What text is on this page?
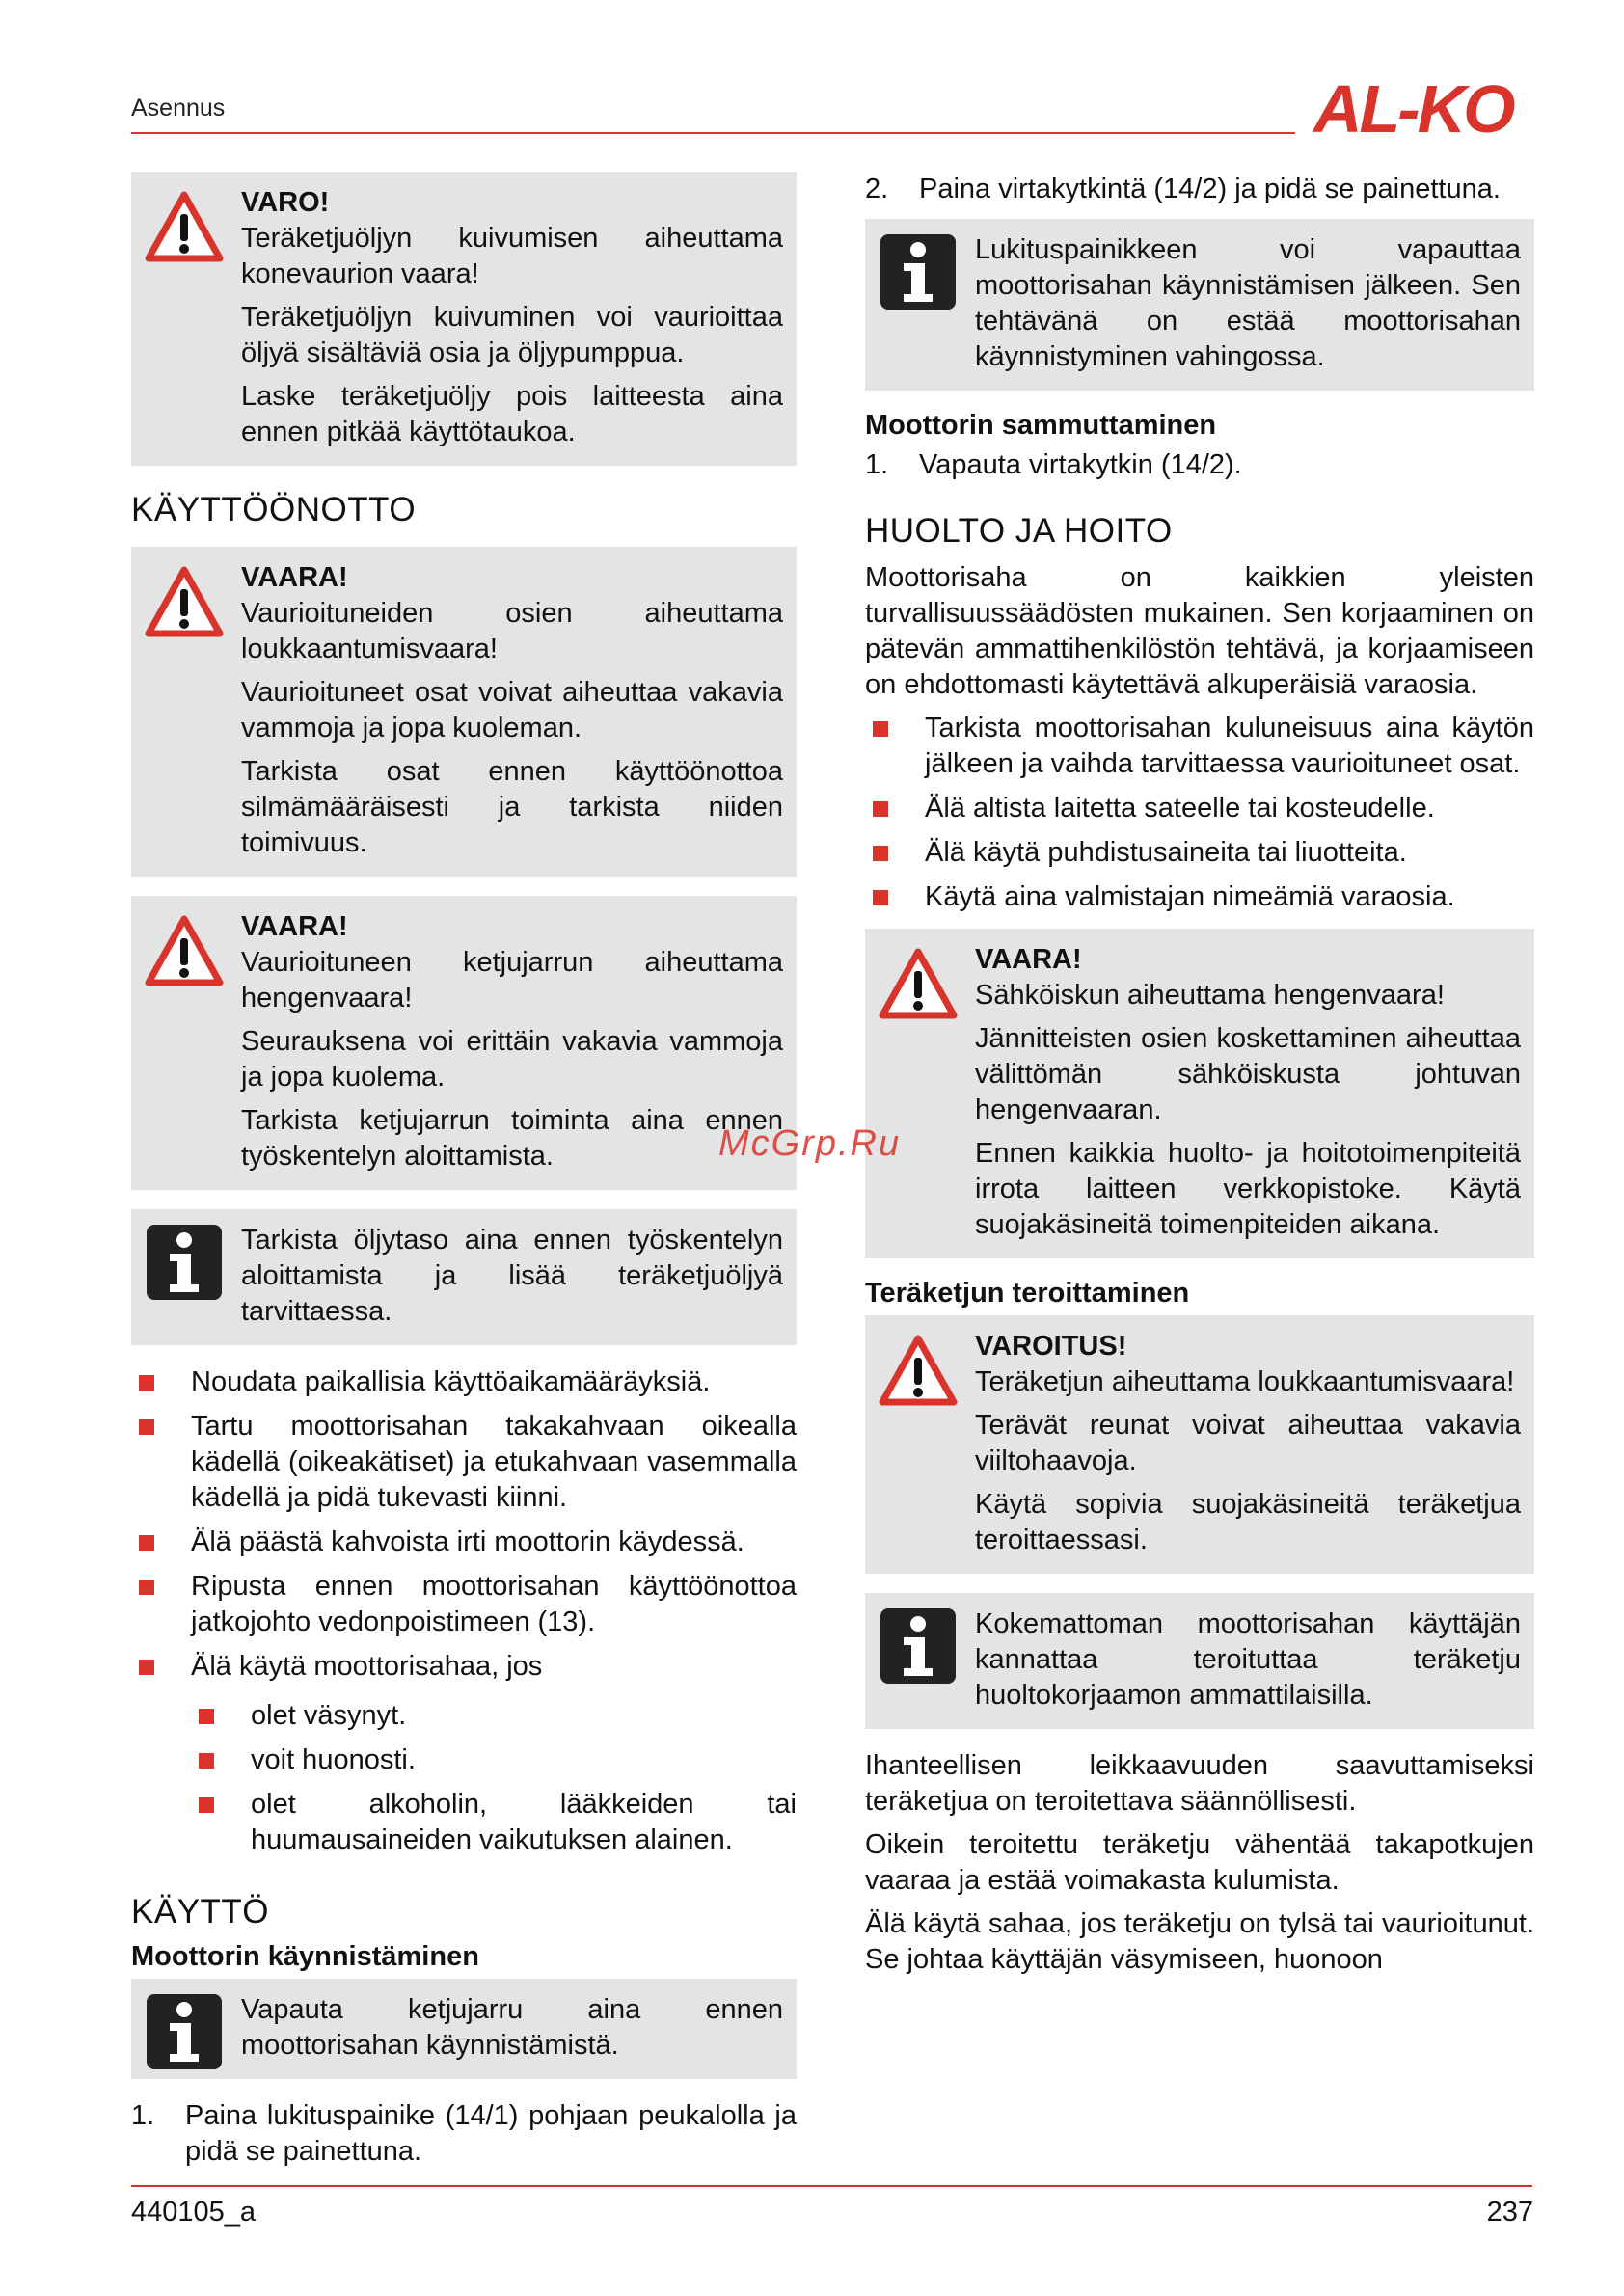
Asennus	AL-KO
VARO!

Teräketjuöljyn kuivumisen aiheuttama konevaurion vaara!

Teräketjuöljyn kuivuminen voi vaurioittaa öljyä sisältäviä osia ja öljypumppua.

Laske teräketjuöljy pois laitteesta aina ennen pitkää käyttötaukoa.

KÄYTTÖÖNOTTO
VAARA!

Vaurioituneiden osien aiheuttama loukkaantumisvaara!

Vaurioituneet osat voivat aiheuttaa vakavia vammoja ja jopa kuoleman.

Tarkista osat ennen käyttöönottoa silmämääräisesti ja tarkista niiden toimivuus.

VAARA!

Vaurioituneen ketjujarrun aiheuttama hengenvaara!

Seurauksena voi erittäin vakavia vammoja ja jopa kuolema.

Tarkista ketjujarrun toiminta aina ennen työskentelyn aloittamista.

Tarkista öljytaso aina ennen työskentelyn aloittamista ja lisää teräketjuöljyä tarvittaessa.

Noudata paikallisia käyttöaikamääräyksiä.
Tartu moottorisahan takakahvaan oikealla kädellä (oikeakätiset) ja etukahvaan vasemmalla kädellä ja pidä tukevasti kiinni.
Älä päästä kahvoista irti moottorin käydessä.
Ripusta ennen moottorisahan käyttöönottoa jatkojohto vedonpoistimeen (13).
Älä käytä moottorisahaa, jos
olet väsynyt.
voit huonosti.
olet alkoholin, lääkkeiden tai huumausaineiden vaikutuksen alainen.
KÄYTTÖ
Moottorin käynnistäminen

Vapauta ketjujarru aina ennen moottorisahan käynnistämistä.

1. Paina lukituspainike (14/1) pohjaan peukalolla ja pidä se painettuna.
2. Paina virtakytkintä (14/2) ja pidä se painettuna.

Lukituspainikkeen voi vapauttaa moottorisahan käynnistämisen jälkeen. Sen tehtävänä on estää moottorisahan käynnistyminen vahingossa.

Moottorin sammuttaminen
1. Vapauta virtakytkin (14/2).
HUOLTO JA HOITO

Moottorisaha on kaikkien yleisten turvallisuussäädösten mukainen. Sen korjaaminen on pätevän ammattihenkilöstön tehtävä, ja korjaamiseen on ehdottomasti käytettävä alkuperäisiä varaosia.

Tarkista moottorisahan kuluneisuus aina käytön jälkeen ja vaihda tarvittaessa vaurioituneet osat.
Älä altista laitetta sateelle tai kosteudelle.
Älä käytä puhdistusaineita tai liuotteita.
Käytä aina valmistajan nimeämiä varaosia.
VAARA!

Sähköiskun aiheuttama hengenvaara!

Jännitteisten osien koskettaminen aiheuttaa välittömän sähköiskusta johtuvan hengenvaaran.

Ennen kaikkia huolto- ja hoitotoimenpiteitä irrota laitteen verkkopistoke. Käytä suojakäsineitä toimenpiteiden aikana.

Teräketjun teroittaminen
VAROITUS!

Teräketjun aiheuttama loukkaantumisvaara!

Terävät reunat voivat aiheuttaa vakavia viiltohaavoja.

Käytä sopivia suojakäsineitä teräketjua teroittaessasi.

Kokemattoman moottorisahan käyttäjän kannattaa teroituttaa teräketju huoltokorjaamon ammattilaisilla.

Ihanteellisen leikkaavuuden saavuttamiseksi teräketjua on teroitettava säännöllisesti.

Oikein teroitettu teräketju vähentää takapotkujen vaaraa ja estää voimakasta kulumista.

Älä käytä sahaa, jos teräketju on tylsä tai vaurioitunut. Se johtaa käyttäjän väsymiseen, huonoon

McGrp.Ru
440105_a	237
